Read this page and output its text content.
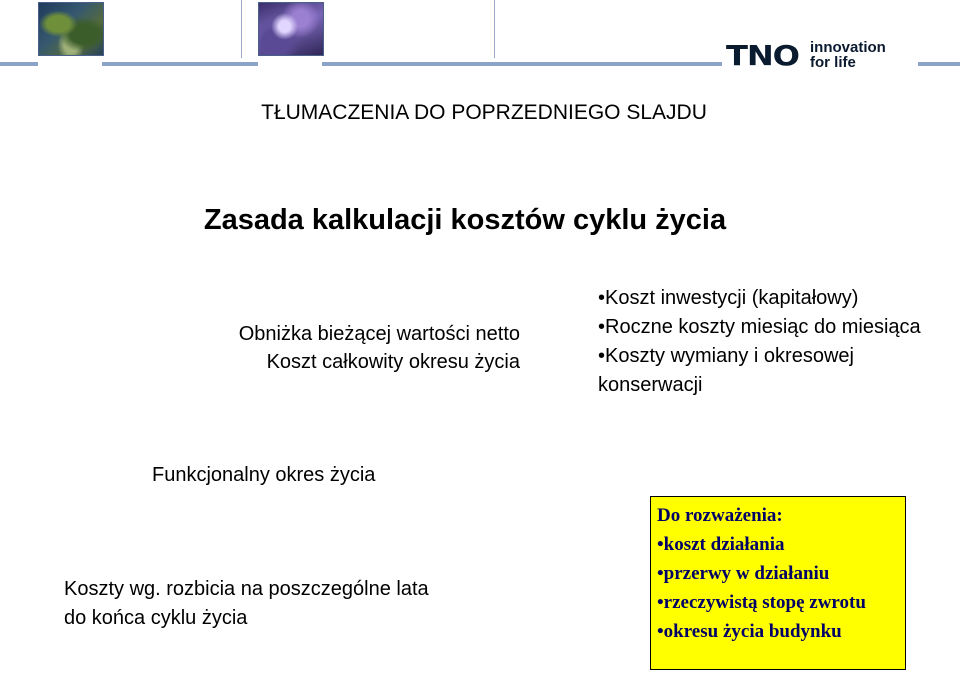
TNO innovation
for life
TŁUMACZENIA DO POPRZEDNIEGO SLAJDU
Zasada kalkulacji kosztów cyklu życia
Obniżka bieżącej wartości netto
Koszt całkowity okresu życia
•Koszt inwestycji (kapitałowy)
•Roczne koszty miesiąc do miesiąca
•Koszty wymiany i okresowej konserwacji
Funkcjonalny okres życia
Koszty wg. rozbicia na poszczególne lata do końca cyklu życia
Do rozważenia:
•koszt działania
•przerwy w działaniu
•rzeczywistą stopę zwrotu
•okresu życia budynku
